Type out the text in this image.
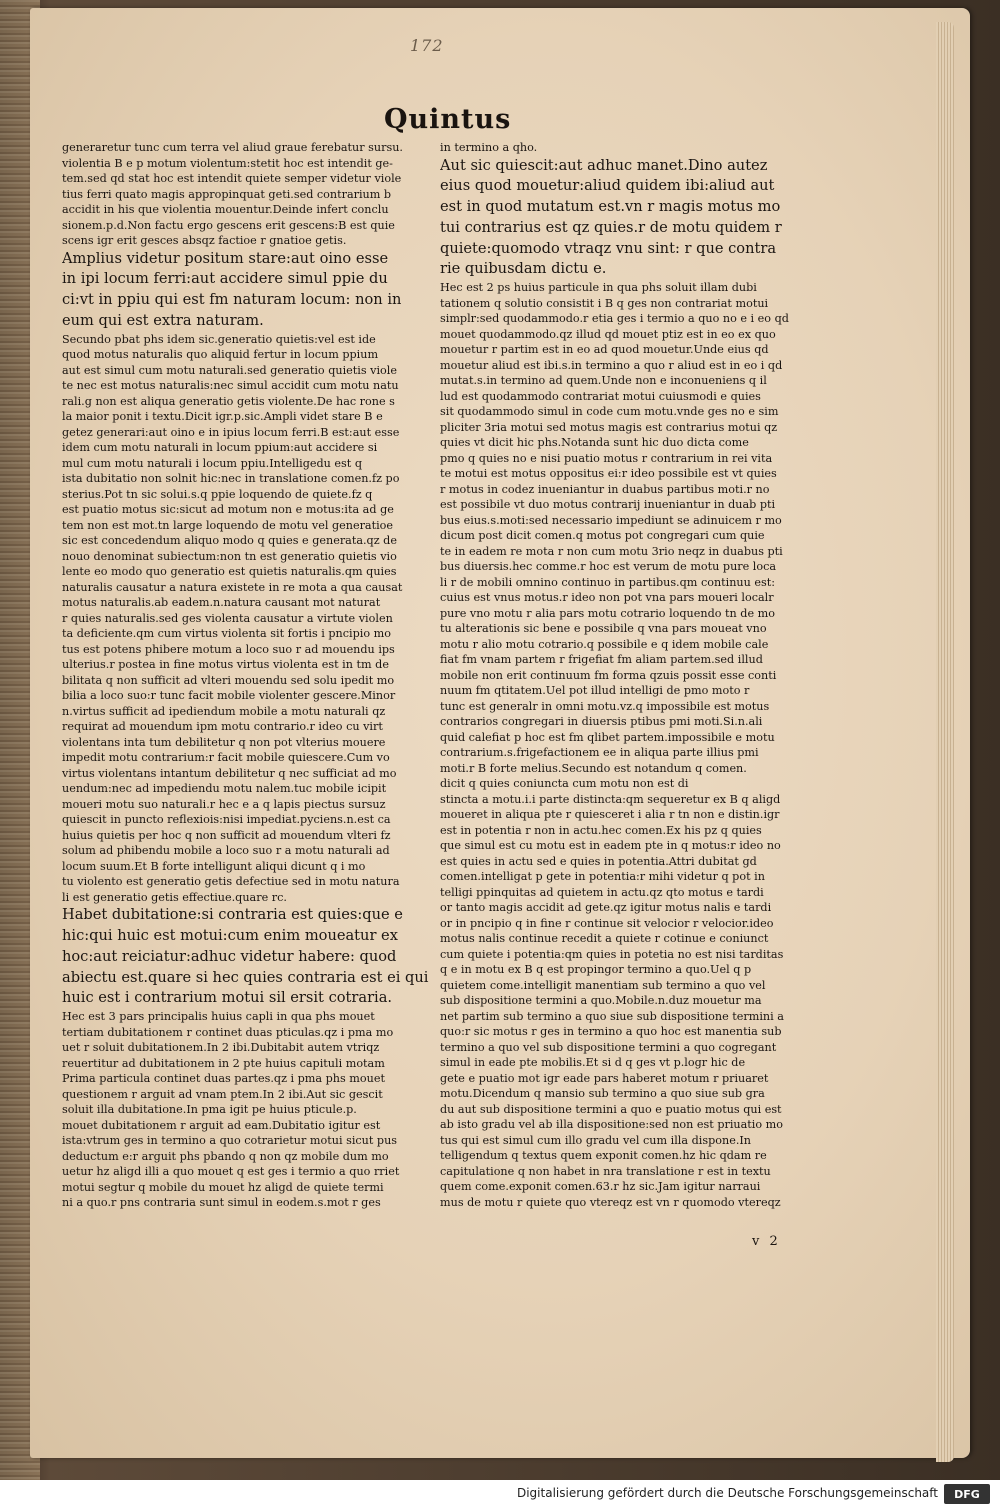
172
Quintus
generaretur tunc cum terra vel aliud graue ferebatur sursu.
violentia B e p motum violentum:stetit hoc est intendit ge-
tem.sed qd stat hoc est intendit quiete semper videtur viole
tius ferri quato magis appropinquat geti.sed contrarium b
accidit in his que violentia mouentur.Deinde infert conclu
sionem.p.d.Non factu ergo gescens erit gescens:B est quie
scens igr erit gesces absqz factioe r gnatioe getis.
Amplius videtur positum stare:aut oino esse
in ipi locum ferri:aut accidere simul ppie du
ci:vt in ppiu qui est fm naturam locum: non in
eum qui est extra naturam.
Secundo pbat phs idem sic.generatio quietis:vel est ide
quod motus naturalis quo aliquid fertur in locum ppium
aut est simul cum motu naturali.sed generatio quietis viole
te nec est motus naturalis:nec simul accidit cum motu natu
rali.g non est aliqua generatio getis violente.De hac rone s
la maior ponit i textu.Dicit igr.p.sic.Ampli videt stare B e
getez generari:aut oino e in ipius locum ferri.B est:aut esse
idem cum motu naturali in locum ppium:aut accidere si
mul cum motu naturali i locum ppiu.Intelligedu est q
ista dubitatio non solnit hic:nec in translatione comen.fz po
sterius.Pot tn sic solui.s.q ppie loquendo de quiete.fz q
est puatio motus sic:sicut ad motum non e motus:ita ad ge
tem non est mot.tn large loquendo de motu vel generatioe
sic est concedendum aliquo modo q quies e generata.qz de
nouo denominat subiectum:non tn est generatio quietis vio
lente eo modo quo generatio est quietis naturalis.qm quies
naturalis causatur a natura existete in re mota a qua causat
motus naturalis.ab eadem.n.natura causant mot naturat
r quies naturalis.sed ges violenta causatur a virtute violen
ta deficiente.qm cum virtus violenta sit fortis i pncipio mo
tus est potens phibere motum a loco suo r ad mouendu ips
ulterius.r postea in fine motus virtus violenta est in tm de
bilitata q non sufficit ad vlteri mouendu sed solu ipedit mo
bilia a loco suo:r tunc facit mobile violenter gescere.Minor
n.virtus sufficit ad ipediendum mobile a motu naturali qz
requirat ad mouendum ipm motu contrario.r ideo cu virt
violentans inta tum debilitetur q non pot vlterius mouere
impedit motu contrarium:r facit mobile quiescere.Cum vo
virtus violentans intantum debilitetur q nec sufficiat ad mo
uendum:nec ad impediendu motu nalem.tuc mobile icipit
moueri motu suo naturali.r hec e a q lapis piectus sursuz
quiescit in puncto reflexiois:nisi impediat.pyciens.n.est ca
huius quietis per hoc q non sufficit ad mouendum vlteri fz
solum ad phibendu mobile a loco suo r a motu naturali ad
locum suum.Et B forte intelligunt aliqui dicunt q i mo
tu violento est generatio getis defectiue sed in motu natura
li est generatio getis effectiue.quare rc.
Habet dubitatione:si contraria est quies:que e
hic:qui huic est motui:cum enim moueatur ex
hoc:aut reiciatur:adhuc videtur habere: quod
abiectu est.quare si hec quies contraria est ei qui
huic est i contrarium motui sil ersit cotraria.
Hec est 3 pars principalis huius capli in qua phs mouet
tertiam dubitationem r continet duas pticulas.qz i pma mo
uet r soluit dubitationem.In 2 ibi.Dubitabit autem vtriqz
reuertitur ad dubitationem in 2 pte huius capituli motam
Prima particula continet duas partes.qz i pma phs mouet
questionem r arguit ad vnam ptem.In 2 ibi.Aut sic gescit
soluit illa dubitatione.In pma igit pe huius pticule.p.
mouet dubitationem r arguit ad eam.Dubitatio igitur est
ista:vtrum ges in termino a quo cotrarietur motui sicut pus
deductum e:r arguit phs pbando q non qz mobile dum mo
uetur hz aligd illi a quo mouet q est ges i termio a quo rriet
motui segtur q mobile du mouet hz aligd de quiete termi
ni a quo.r pns contraria sunt simul in eodem.s.mot r ges
in termino a qho.
Aut sic quiescit:aut adhuc manet.Dino autez
eius quod mouetur:aliud quidem ibi:aliud aut
est in quod mutatum est.vn r magis motus mo
tui contrarius est qz quies.r de motu quidem r
quiete:quomodo vtraqz vnu sint: r que contra
rie quibusdam dictu e.
Hec est 2 ps huius particule in qua phs soluit illam dubi
tationem q solutio consistit i B q ges non contrariat motui
simplr:sed quodammodo.r etia ges i termio a quo no e i eo qd
mouet quodammodo.qz illud qd mouet ptiz est in eo ex quo
mouetur r partim est in eo ad quod mouetur.Unde eius qd
mouetur aliud est ibi.s.in termino a quo r aliud est in eo i qd
mutat.s.in termino ad quem.Unde non e inconueniens q il
lud est quodammodo contrariat motui cuiusmodi e quies
sit quodammodo simul in code cum motu.vnde ges no e sim
pliciter 3ria motui sed motus magis est contrarius motui qz
quies vt dicit hic phs.Notanda sunt hic duo dicta come
pmo q quies no e nisi puatio motus r contrarium in rei vita
te motui est motus oppositus ei:r ideo possibile est vt quies
r motus in codez inueniantur in duabus partibus moti.r no
est possibile vt duo motus contrarij inueniantur in duab pti
bus eius.s.moti:sed necessario impediunt se adinuicem r mo
dicum post dicit comen.q motus pot congregari cum quie
te in eadem re mota r non cum motu 3rio neqz in duabus pti
bus diuersis.hec comme.r hoc est verum de motu pure loca
li r de mobili omnino continuo in partibus.qm continuu est:
cuius est vnus motus.r ideo non pot vna pars moueri localr
pure vno motu r alia pars motu cotrario loquendo tn de mo
tu alterationis sic bene e possibile q vna pars moueat vno
motu r alio motu cotrario.q possibile e q idem mobile cale
fiat fm vnam partem r frigefiat fm aliam partem.sed illud
mobile non erit continuum fm forma qzuis possit esse conti
nuum fm qtitatem.Uel pot illud intelligi de pmo moto r
tunc est generalr in omni motu.vz.q impossibile est motus
contrarios congregari in diuersis ptibus pmi moti.Si.n.ali
quid calefiat p hoc est fm qlibet partem.impossibile e motu
contrarium.s.frigefactionem ee in aliqua parte illius pmi
moti.r B forte melius.Secundo est notandum q comen.
dicit q quies coniuncta cum motu non est di
stincta a motu.i.i parte distincta:qm sequeretur ex B q aligd
moueret in aliqua pte r quiesceret i alia r tn non e distin.igr
est in potentia r non in actu.hec comen.Ex his pz q quies
que simul est cu motu est in eadem pte in q motus:r ideo no
est quies in actu sed e quies in potentia.Attri dubitat gd
comen.intelligat p gete in potentia:r mihi videtur q pot in
telligi ppinquitas ad quietem in actu.qz qto motus e tardi
or tanto magis accidit ad gete.qz igitur motus nalis e tardi
or in pncipio q in fine r continue sit velocior r velocior.ideo
motus nalis continue recedit a quiete r cotinue e coniunct
cum quiete i potentia:qm quies in potetia no est nisi tarditas
q e in motu ex B q est propingor termino a quo.Uel q p
quietem come.intelligit manentiam sub termino a quo vel
sub dispositione termini a quo.Mobile.n.duz mouetur ma
net partim sub termino a quo siue sub dispositione termini a
quo:r sic motus r ges in termino a quo hoc est manentia sub
termino a quo vel sub dispositione termini a quo cogregant
simul in eade pte mobilis.Et si d q ges vt p.logr hic de
gete e puatio mot igr eade pars haberet motum r priuaret
motu.Dicendum q mansio sub termino a quo siue sub gra
du aut sub dispositione termini a quo e puatio motus qui est
ab isto gradu vel ab illa dispositione:sed non est priuatio mo
tus qui est simul cum illo gradu vel cum illa dispone.In
telligendum q textus quem exponit comen.hz hic qdam re
capitulatione q non habet in nra translatione r est in textu
quem come.exponit comen.63.r hz sic.Jam igitur narraui
mus de motu r quiete quo vtereqz est vn r quomodo vtereqz
v 2
Digitalisierung gefördert durch die Deutsche Forschungsgemeinschaft	DFG
